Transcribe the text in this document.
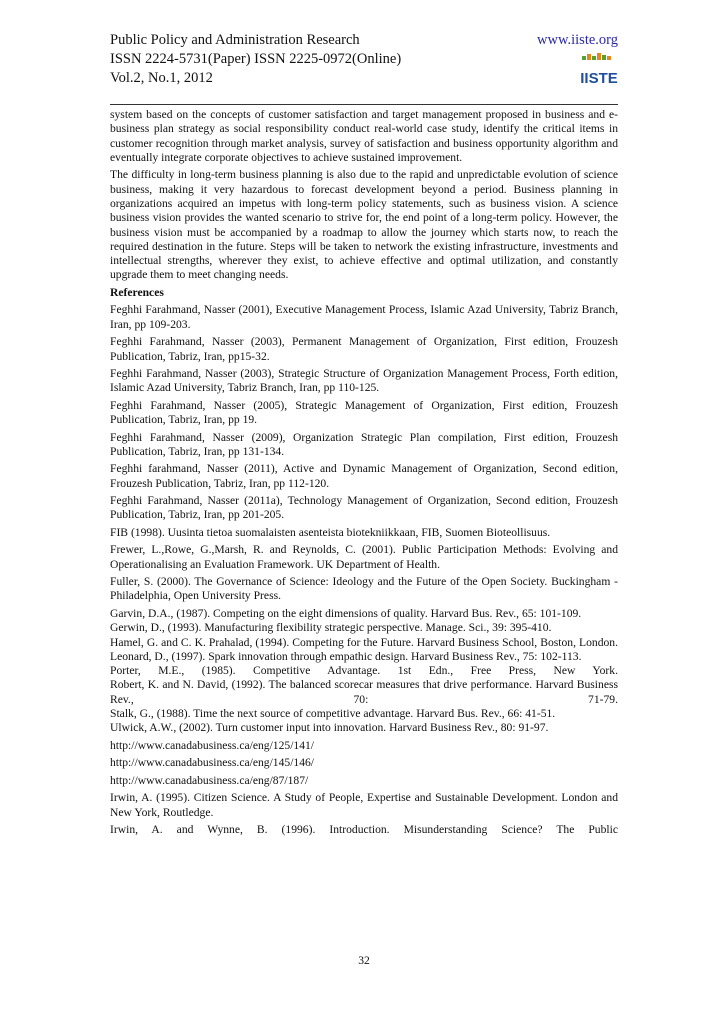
Public Policy and Administration Research
ISSN 2224-5731(Paper) ISSN 2225-0972(Online)
Vol.2, No.1, 2012
www.iiste.org
IISTE

system based on the concepts of customer satisfaction and target management proposed in business and e-business plan strategy as social responsibility conduct real-world case study, identify the critical items in customer recognition through market analysis, survey of satisfaction and business opportunity algorithm and eventually integrate corporate objectives to achieve sustained improvement.

The difficulty in long-term business planning is also due to the rapid and unpredictable evolution of science business, making it very hazardous to forecast development beyond a period. Business planning in organizations acquired an impetus with long-term policy statements, such as business vision. A science business vision provides the wanted scenario to strive for, the end point of a long-term policy. However, the business vision must be accompanied by a roadmap to allow the journey which starts now, to reach the required destination in the future. Steps will be taken to network the existing infrastructure, investments and intellectual strengths, wherever they exist, to achieve effective and optimal utilization, and constantly upgrade them to meet changing needs.

References

Feghhi Farahmand, Nasser (2001), Executive Management Process, Islamic Azad University, Tabriz Branch, Iran, pp 109-203.

Feghhi Farahmand, Nasser (2003), Permanent Management of Organization, First edition, Frouzesh Publication, Tabriz, Iran, pp15-32.

Feghhi Farahmand, Nasser (2003), Strategic Structure of Organization Management Process, Forth edition, Islamic Azad University, Tabriz Branch, Iran, pp 110-125.

Feghhi Farahmand, Nasser (2005), Strategic Management of Organization, First edition, Frouzesh Publication, Tabriz, Iran, pp 19.

Feghhi Farahmand, Nasser (2009), Organization Strategic Plan compilation, First edition, Frouzesh Publication, Tabriz, Iran, pp 131-134.

Feghhi farahmand, Nasser (2011), Active and Dynamic Management of Organization, Second edition, Frouzesh Publication, Tabriz, Iran, pp 112-120.

Feghhi Farahmand, Nasser (2011a), Technology Management of Organization, Second edition, Frouzesh Publication, Tabriz, Iran, pp 201-205.

FIB (1998). Uusinta tietoa suomalaisten asenteista biotekniikkaan, FIB, Suomen Bioteollisuus.

Frewer, L.,Rowe, G.,Marsh, R. and Reynolds, C. (2001). Public Participation Methods: Evolving and Operationalising an Evaluation Framework. UK Department of Health.

Fuller, S. (2000). The Governance of Science: Ideology and the Future of the Open Society. Buckingham - Philadelphia, Open University Press.

Garvin, D.A., (1987). Competing on the eight dimensions of quality. Harvard Bus. Rev., 65: 101-109.

Gerwin, D., (1993). Manufacturing flexibility strategic perspective. Manage. Sci., 39: 395-410.

Hamel, G. and C. K. Prahalad, (1994). Competing for the Future. Harvard Business School, Boston, London.

Leonard, D., (1997). Spark innovation through empathic design. Harvard Business Rev., 75: 102-113.

Porter, M.E., (1985). Competitive Advantage. 1st Edn., Free Press, New York.

Robert, K. and N. David, (1992). The balanced scorecar measures that drive performance. Harvard Business Rev., 70: 71-79.

Stalk, G., (1988). Time the next source of competitive advantage. Harvard Bus. Rev., 66: 41-51.

Ulwick, A.W., (2002). Turn customer input into innovation. Harvard Business Rev., 80: 91-97.

http://www.canadabusiness.ca/eng/125/141/

http://www.canadabusiness.ca/eng/145/146/

http://www.canadabusiness.ca/eng/87/187/

Irwin, A. (1995). Citizen Science. A Study of People, Expertise and Sustainable Development. London and New York, Routledge.

Irwin, A. and Wynne, B. (1996). Introduction. Misunderstanding Science? The Public

32
